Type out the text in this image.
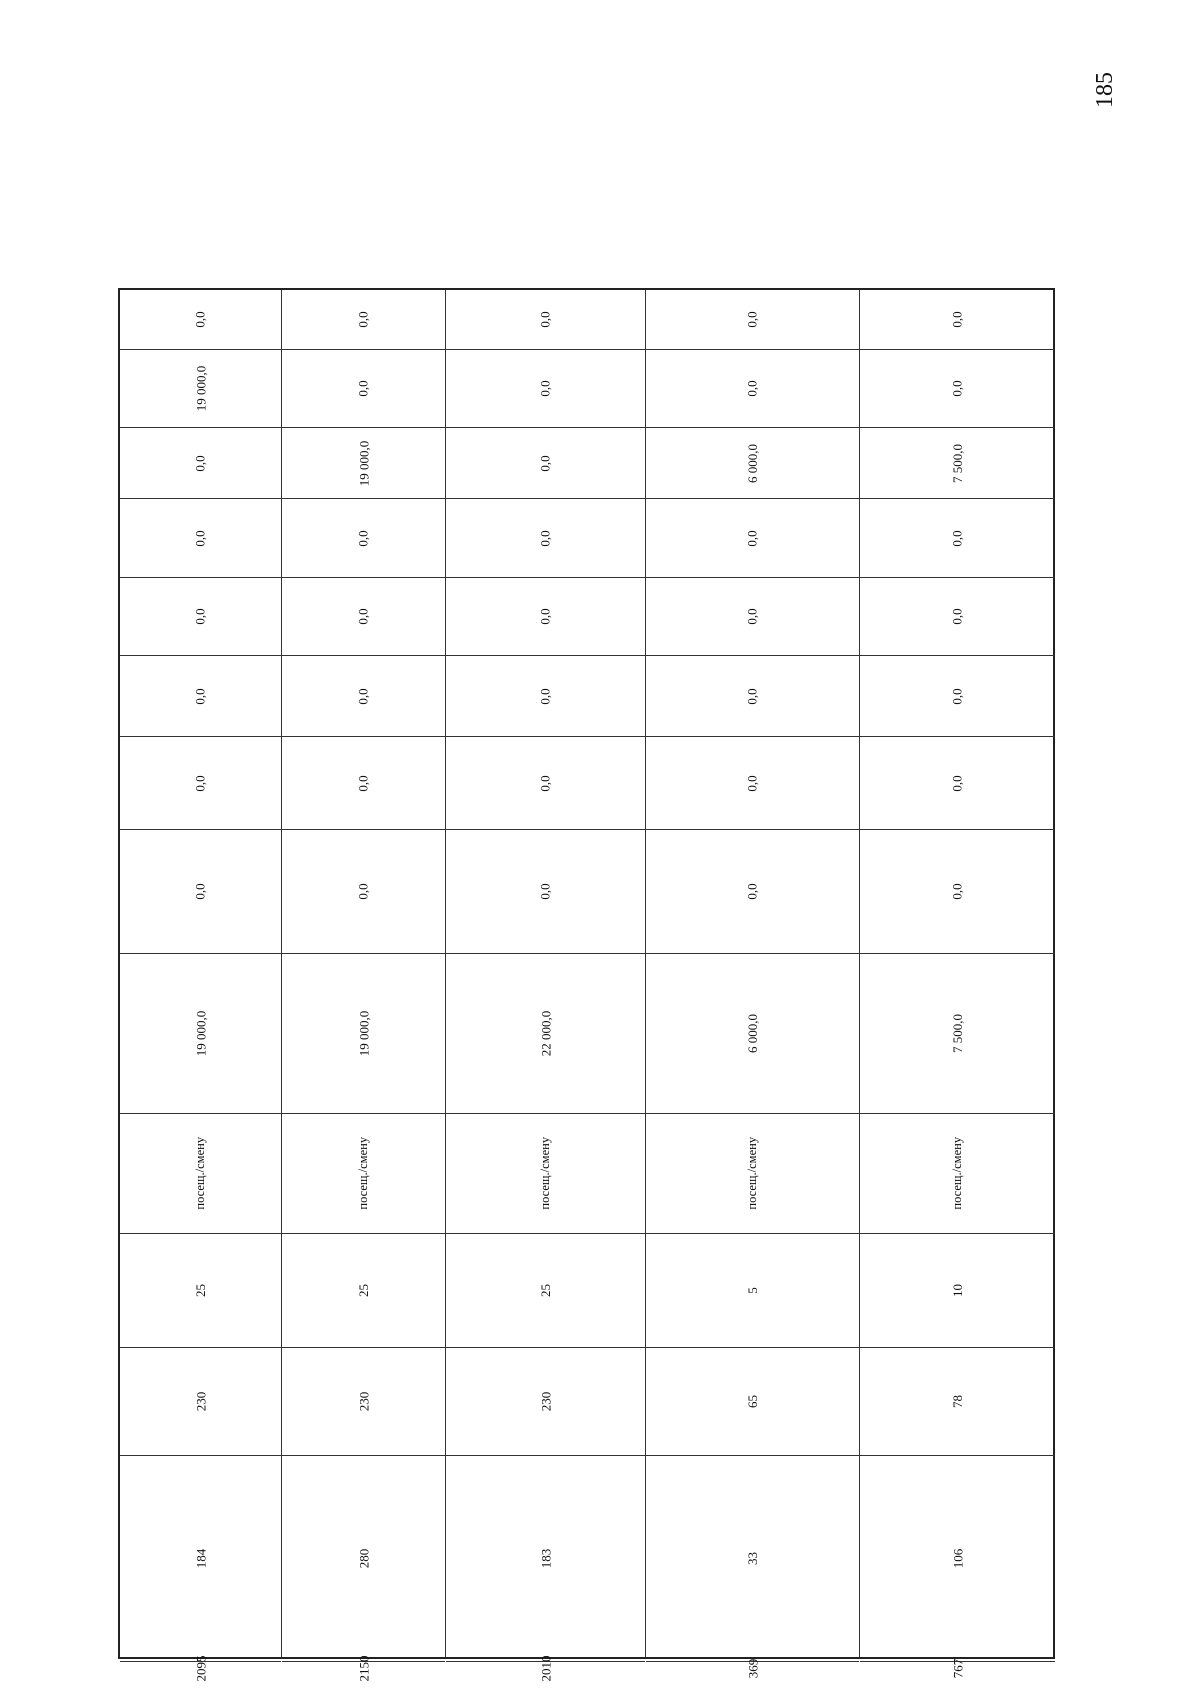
185
0,0
19 000,0
0,0
0,0
0,0
0,0
0,0
0,0
19 000,0
посещ./смену
25
230
184
2095
0,0
0,0
19 000,0
0,0
0,0
0,0
0,0
0,0
19 000,0
посещ./смену
25
230
280
2150
0,0
0,0
0,0
0,0
0,0
0,0
0,0
0,0
22 000,0
посещ./смену
25
230
183
2010
0,0
0,0
6 000,0
0,0
0,0
0,0
0,0
0,0
6 000,0
посещ./смену
5
65
33
369
0,0
0,0
7 500,0
0,0
0,0
0,0
0,0
0,0
7 500,0
посещ./смену
10
78
106
767
